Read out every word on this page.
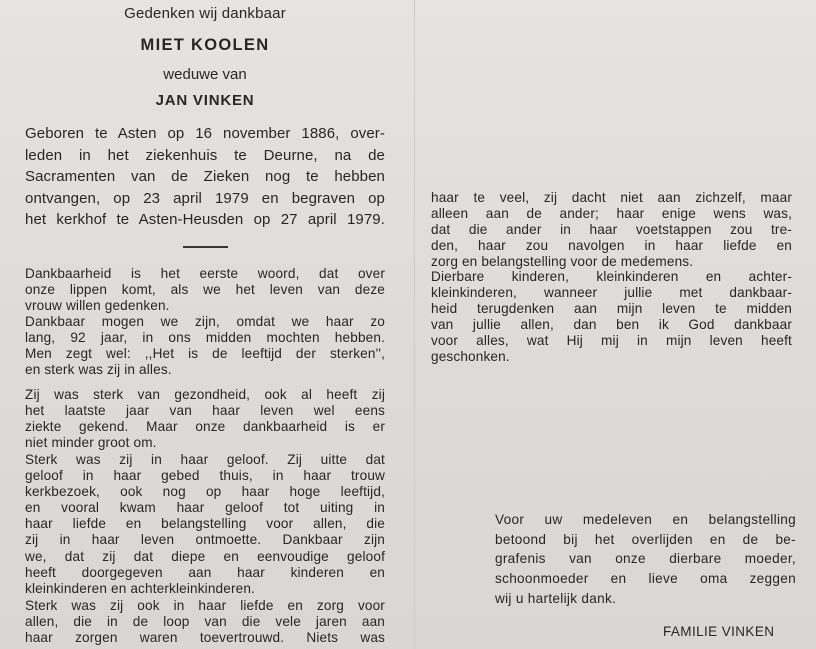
Gedenken wij dankbaar
MIET KOOLEN
weduwe van
JAN VINKEN
Geboren te Asten op 16 november 1886, over-
leden in het ziekenhuis te Deurne, na de
Sacramenten van de Zieken nog te hebben
ontvangen, op 23 april 1979 en begraven op
het kerkhof te Asten-Heusden op 27 april 1979.
Dankbaarheid is het eerste woord, dat over
onze lippen komt, als we het leven van deze
vrouw willen gedenken.
Dankbaar mogen we zijn, omdat we haar zo
lang, 92 jaar, in ons midden mochten hebben.
Men zegt wel: ,,Het is de leeftijd der sterken'',
en sterk was zij in alles.
Zij was sterk van gezondheid, ook al heeft zij
het laatste jaar van haar leven wel eens
ziekte gekend. Maar onze dankbaarheid is er
niet minder groot om.
Sterk was zij in haar geloof. Zij uitte dat
geloof in haar gebed thuis, in haar trouw
kerkbezoek, ook nog op haar hoge leeftijd,
en vooral kwam haar geloof tot uiting in
haar liefde en belangstelling voor allen, die
zij in haar leven ontmoette. Dankbaar zijn
we, dat zij dat diepe en eenvoudige geloof
heeft doorgegeven aan haar kinderen en
kleinkinderen en achterkleinkinderen.
Sterk was zij ook in haar liefde en zorg voor
allen, die in de loop van die vele jaren aan
haar zorgen waren toevertrouwd. Niets was
haar te veel, zij dacht niet aan zichzelf, maar
alleen aan de ander; haar enige wens was,
dat die ander in haar voetstappen zou tre-
den, haar zou navolgen in haar liefde en
zorg en belangstelling voor de medemens.
Dierbare kinderen, kleinkinderen en achter-
kleinkinderen, wanneer jullie met dankbaar-
heid terugdenken aan mijn leven te midden
van jullie allen, dan ben ik God dankbaar
voor alles, wat Hij mij in mijn leven heeft
geschonken.
Voor uw medeleven en belangstelling
betoond bij het overlijden en de be-
grafenis van onze dierbare moeder,
schoonmoeder en lieve oma zeggen
wij u hartelijk dank.
FAMILIE VINKEN
